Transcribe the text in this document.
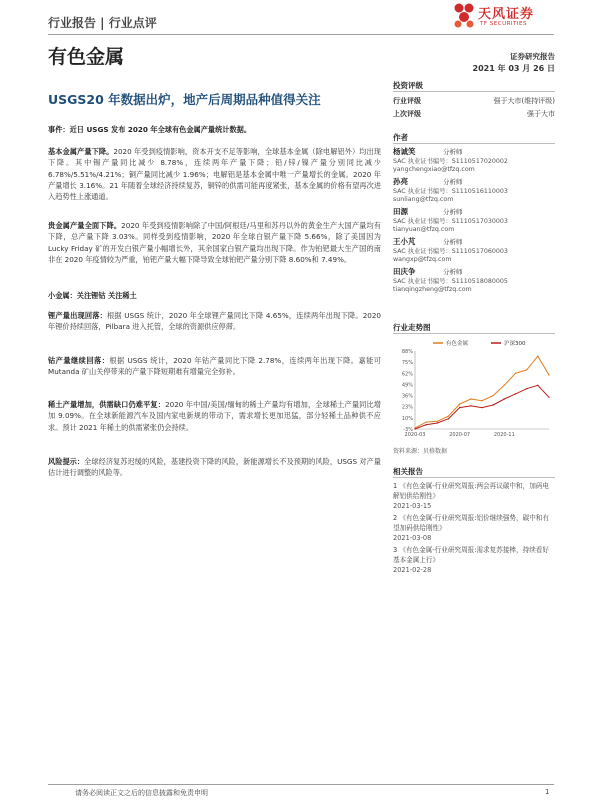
行业报告 | 行业点评
天风证券
TF SECURITIES
有色金属	证券研究报告
2021 年 03 月 26 日
USGS20 年数据出炉，地产后周期品种值得关注
事件：近日 USGS 发布 2020 年全球有色金属产量统计数据。
基本金属产量下降。2020 年受到疫情影响，资本开支不足等影响，全球基本金属（除电解铝外）均出现下降。其中锡产量同比减少 8.78%，连续两年产量下降；铅/锌/镍产量分别同比减少 6.78%/5.51%/4.21%；铜产量同比减少 1.96%；电解铝是基本金属中唯一产量增长的金属。2020 年产量增长 3.16%。21 年随着全球经济持续复苏，铜锌的供需可能再度紧张，基本金属的价格有望再次进入趋势性上涨通道。
贵金属产量全面下降。2020 年受到疫情影响除了中国/阿根廷/马里和苏丹以外的黄金生产大国产量均有下降，总产量下降 3.03%。同样受到疫情影响，2020 年全球白银产量下降 5.66%，除了美国因为 Lucky Friday 矿的开发白银产量小幅增长外，其余国家白银产量均出现下降。作为铂钯最大生产国的南非在 2020 年疫情较为严重，铂钯产量大幅下降导致全球铂钯产量分别下降 8.60%和 7.49%。
小金属：关注锂钴 关注稀土
锂产量出现回落：根据 USGS 统计，2020 年全球锂产量同比下降 4.65%，连续两年出现下降。2020 年锂价持续回落，Pilbara 进入托管，全球的资源供应停滞。
钴产量继续回落：根据 USGS 统计，2020 年钴产量同比下降 2.78%，连续两年出现下降。嘉能可 Mutanda 矿山关停带来的产量下降短期难有增量完全弥补。
稀土产量增加，供需缺口仍难平复：2020 年中国/美国/缅甸的稀土产量均有增加，全球稀土产量同比增加 9.09%。在全球新能源汽车及国内家电新规的带动下，需求增长更加迅猛，部分轻稀土品种供不应求。预计 2021 年稀土的供需紧张仍会持续。
风险提示：全球经济复苏迟缓的风险，基建投资下降的风险，新能源增长不及预期的风险，USGS 对产量估计进行调整的风险等。
投资评级
行业评级	强于大市(维持评级)
上次评级	强于大市
作者
杨诚笑	分析师
SAC 执业证书编号：S1110517020002
yangchengxiao@tfzq.com
孙亮	分析师
SAC 执业证书编号：S1110516110003
sunliang@tfzq.com
田源	分析师
SAC 执业证书编号：S1110517030003
tianyuan@tfzq.com
王小芃	分析师
SAC 执业证书编号：S1110517060003
wangxp@tfzq.com
田庆争	分析师
SAC 执业证书编号：S1110518080005
tianqingzheng@tfzq.com
行业走势图
-3%
10%
23%
36%
49%
62%
75%
88%
2020-03	2020-07	2020-11
有色金属	沪深300
资料来源：贝格数据
相关报告
1 《有色金属-行业研究周报:两会再议碳中和，加码电解铝供给刚性》
2021-03-15
2 《有色金属-行业研究周报:铝价继续强势，碳中和有望加码供给刚性》
2021-03-08
3 《有色金属-行业研究周报:需求复苏接棒，持续看好基本金属上行》
2021-02-28
请务必阅读正文之后的信息披露和免责申明	1
